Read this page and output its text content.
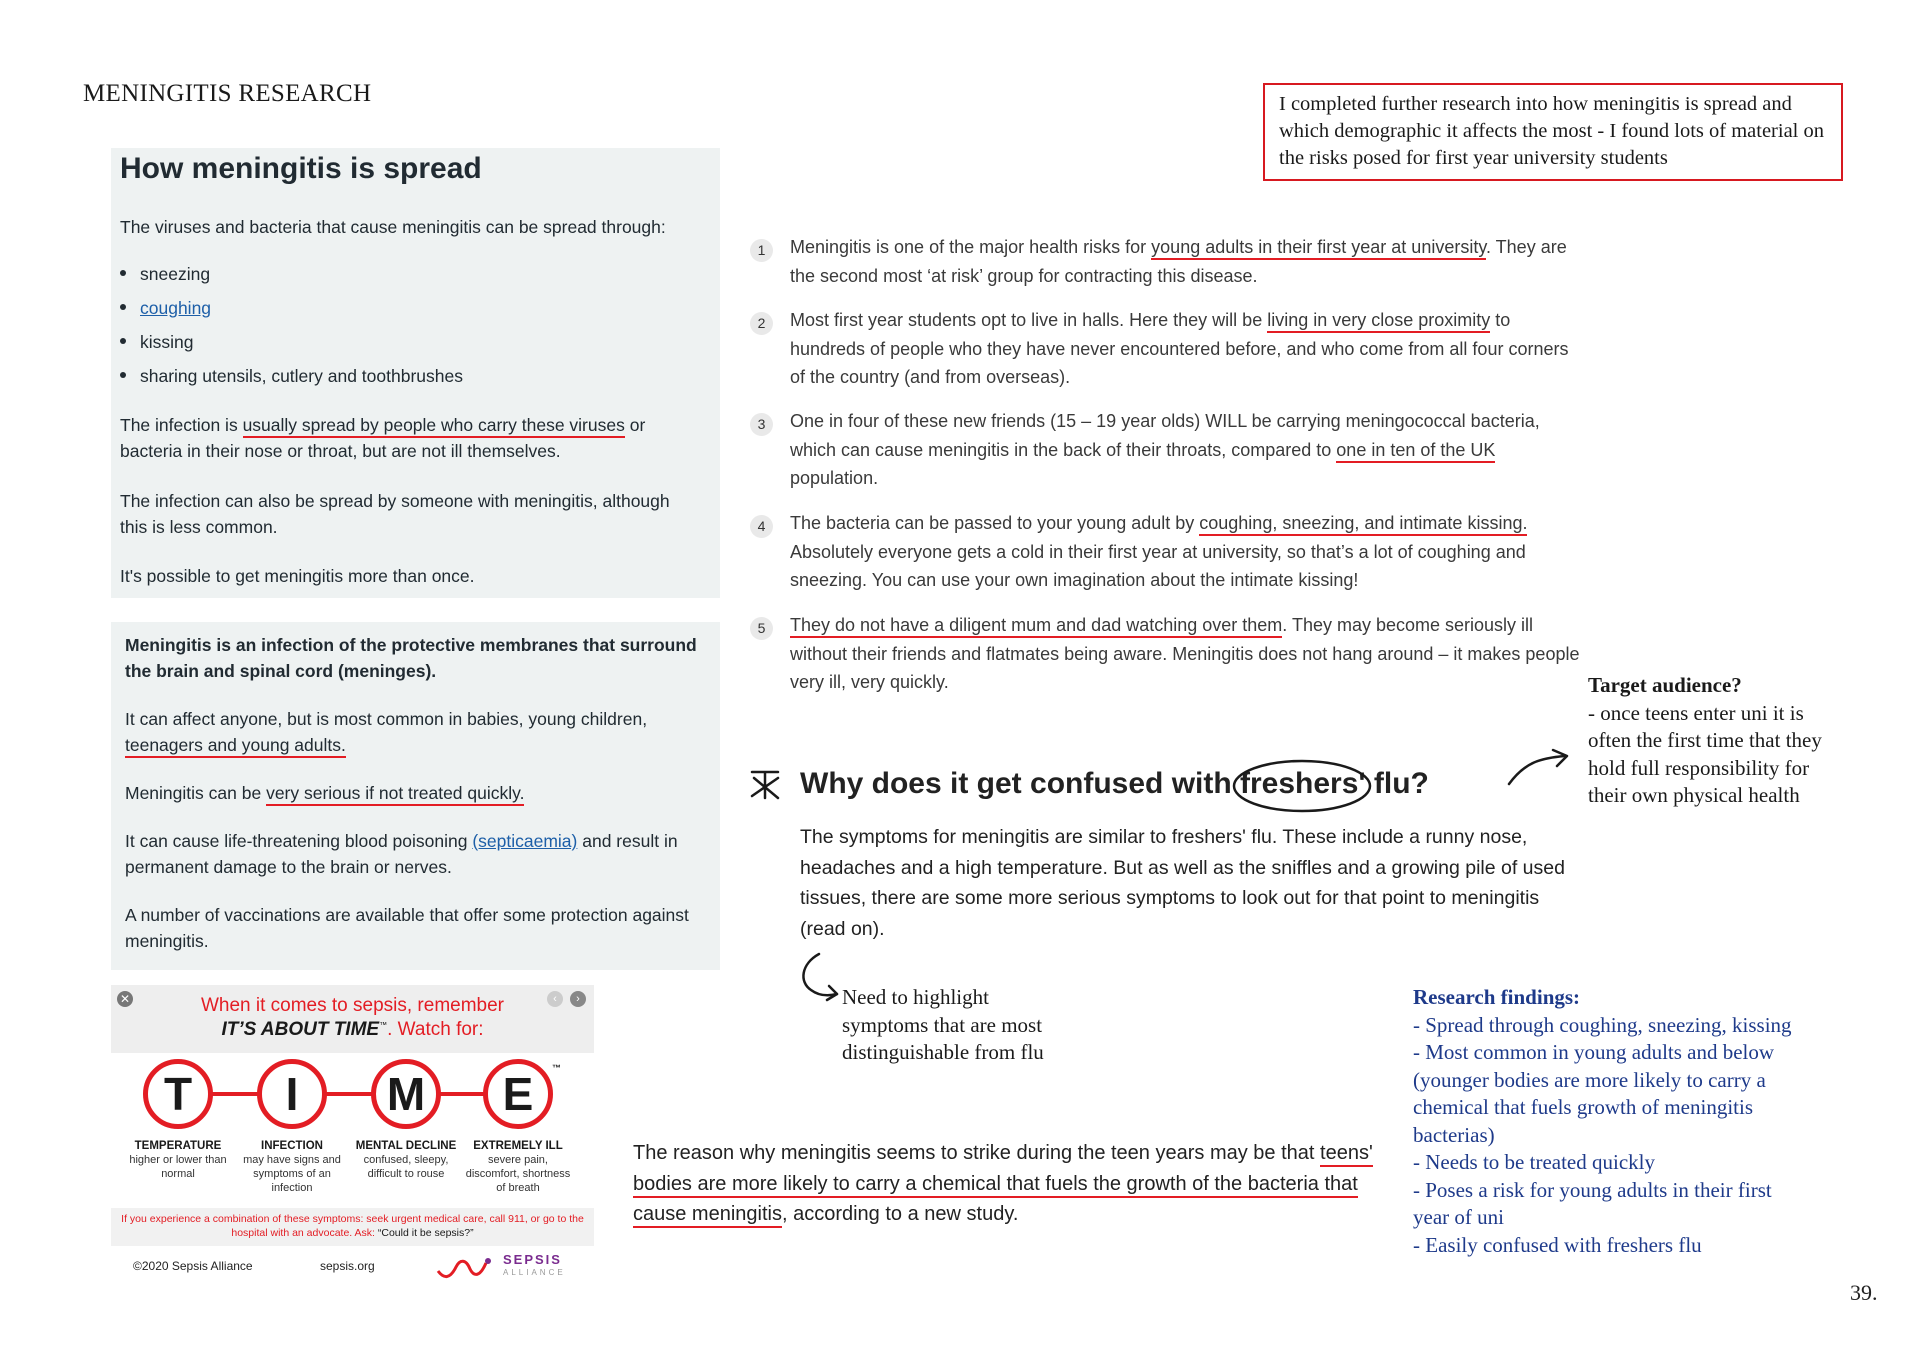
MENINGITIS RESEARCH	I completed further research into how meningitis is spread and which demographic it affects the most - I found lots of material on the risks posed for first year university students
How meningitis is spread
The viruses and bacteria that cause meningitis can be spread through:
sneezing
coughing
kissing
sharing utensils, cutlery and toothbrushes
The infection is usually spread by people who carry these viruses or bacteria in their nose or throat, but are not ill themselves.
The infection can also be spread by someone with meningitis, although this is less common.
It's possible to get meningitis more than once.
Meningitis is an infection of the protective membranes that surround the brain and spinal cord (meninges).
It can affect anyone, but is most common in babies, young children, teenagers and young adults.
Meningitis can be very serious if not treated quickly.
It can cause life-threatening blood poisoning (septicaemia) and result in permanent damage to the brain or nerves.
A number of vaccinations are available that offer some protection against meningitis.
✕	‹	›
When it comes to sepsis, remember
IT’S ABOUT TIME™. Watch for:
T	I	M	E	™
TEMPERATURE
higher or lower than normal
INFECTION
may have signs and symptoms of an infection
MENTAL DECLINE
confused, sleepy, difficult to rouse
EXTREMELY ILL
severe pain, discomfort, shortness of breath
If you experience a combination of these symptoms: seek urgent medical care, call 911, or go to the hospital with an advocate. Ask: “Could it be sepsis?”
©2020 Sepsis Alliance	sepsis.org	SEPSIS
ALLIANCE
1	Meningitis is one of the major health risks for young adults in their first year at university. They are the second most ‘at risk’ group for contracting this disease.
2	Most first year students opt to live in halls. Here they will be living in very close proximity to hundreds of people who they have never encountered before, and who come from all four corners of the country (and from overseas).
3	One in four of these new friends (15 – 19 year olds) WILL be carrying meningococcal bacteria, which can cause meningitis in the back of their throats, compared to one in ten of the UK population.
4	The bacteria can be passed to your young adult by coughing, sneezing, and intimate kissing. Absolutely everyone gets a cold in their first year at university, so that’s a lot of coughing and sneezing. You can use your own imagination about the intimate kissing!
5	They do not have a diligent mum and dad watching over them. They may become seriously ill without their friends and flatmates being aware. Meningitis does not hang around – it makes people very ill, very quickly.
Why does it get confused with freshers
' flu?
The symptoms for meningitis are similar to freshers' flu. These include a runny nose, headaches and a high temperature. But as well as the sniffles and a growing pile of used tissues, there are some more serious symptoms to look out for that point to meningitis (read on).
Target audience?
- once teens enter uni it is
often the first time that they
hold full responsibility for
their own physical health
Need to highlight
symptoms that are most
distinguishable from flu
Research findings:
- Spread through coughing, sneezing, kissing
- Most common in young adults and below
(younger bodies are more likely to carry a
chemical that fuels growth of meningitis
bacterias)
- Needs to be treated quickly
- Poses a risk for young adults in their first
year of uni
- Easily confused with freshers flu
The reason why meningitis seems to strike during the teen years may be that teens' bodies are more likely to carry a chemical that fuels the growth of the bacteria that cause meningitis, according to a new study.
39.
